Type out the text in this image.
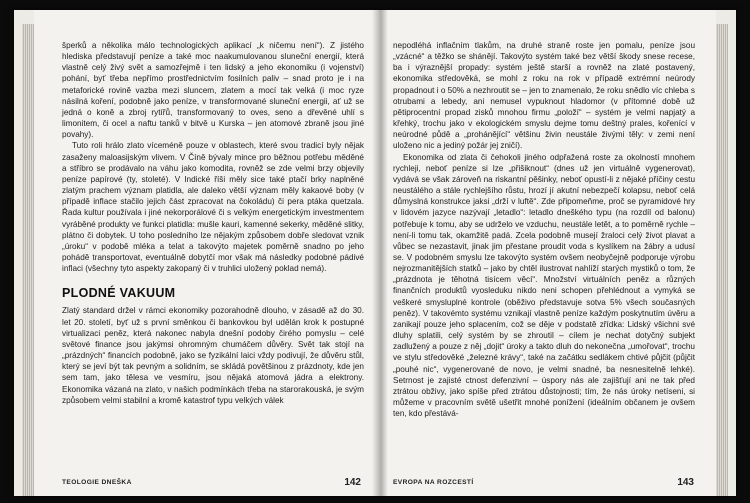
šperků a několika málo technologických aplikací „k ničemu není“). Z jistého hlediska představují peníze a také moc naakumulovanou sluneční energií, která vlastně celý živý svět a samozřejmě i ten lidský a jeho ekonomiku (i vojenství) pohání, byť třeba nepřímo prostřednictvím fosilních paliv – snad proto je i na metaforické rovině vazba mezi sluncem, zlatem a mocí tak velká (i moc ryze násilná koření, podobně jako peníze, v transformované sluneční energii, ať už se jedná o koně a zbroj rytířů, transformovaný to oves, seno a dřevěné uhlí s limonitem, či ocel a naftu tanků v bitvě u Kurska – jen atomové zbraně jsou jiné povahy).

Tuto roli hrálo zlato víceméně pouze v oblastech, které svou tradicí byly nějak zasaženy maloasijským vlivem. V Číně bývaly mince pro běžnou potřebu měděné a stříbro se prodávalo na váhu jako komodita, rovněž se zde velmi brzy objevily peníze papírové (ty, stoleté). V Indické říši měly sice také ptačí brky naplněné zlatým prachem význam platidla, ale daleko větší význam měly kakaové boby (v případě inflace stačilo jejich část zpracovat na čokoládu) či pera ptáka quetzala. Řada kultur používala i jiné nekorporálové či s velkým energetickým investmentem vyráběné produkty ve funkci platidla: mušle kauri, kamenné sekerky, měděné slitky, plátno či dobytek. U toho posledního lze nějakým způsobem dobře sledovat vznik „úroku“ v podobě mléka a telat a takovýto majetek poměrně snadno po jeho pohádě transportovat, eventuálně dobytčí mor však má následky podobné pádivé inflaci (všechny tyto aspekty zakopaný či v truhlici uložený poklad nemá).

PLODNÉ VAKUUM

Zlatý standard držel v rámci ekonomiky pozorahodně dlouho, v zásadě až do 30. let 20. století, byť už s první směnkou či bankovkou byl udělán krok k postupné virtualizaci peněz, která nakonec nabyla dnešní podoby čirého pomyslu – celé světové finance jsou jakýmsi ohromným chumáčem důvěry. Svět tak stojí na „prázdných“ financích podobně, jako se fyzikální laici vždy podivují, že důvěru stůl, který se jeví být tak pevným a solidním, se skládá povětšinou z prázdnoty, kde jen sem tam, jako tělesa ve vesmíru, jsou nějaká atomová jádra a elektrony. Ekonomika vázaná na zlato, v našich podmínkách třeba na starorakouská, je svým způsobem velmi stabilní a kromě katastrof typu velkých válek

TEOLOGIE DNEŠKA	142

nepodléhá inflačním tlakům, na druhé straně roste jen pomalu, peníze jsou „vzácné“ a těžko se shánějí. Takovýto systém také bez větší škody snese recese, ba i výraznější propady: systém ještě starší a rovněž na zlaté postavený, ekonomika středověká, se mohl z roku na rok v případě extrémní neúrody propadnout i o 50% a nezhroutit se – jen to znamenalo, že roku snědlo víc chleba s otrubami a lebedy, ani nemusel vypuknout hladomor (v přítomné době už pětiprocentní propad zisků mnohou firmu „položí“ – systém je velmi napjatý a křehký, trochu jako v ekologickém smyslu dejme tomu deštný prales, kořenící v neúrodné půdě a „prohánějící“ většinu živin neustále živými těly: v zemi není uloženo nic a jediný požár jej zničí).

Ekonomika od zlata či čehokoli jiného odpřažená roste za okolností mnohem rychleji, neboť peníze si lze „přišiknout“ (dnes už jen virtuálně vygenerovat), vydává se však zároveň na riskantní pěšinky, neboť opustí-li z nějaké příčiny cestu neustálého a stále rychlejšího růstu, hrozí jí akutní nebezpečí kolapsu, neboť celá důmyslná konstrukce jaksi „drží v luftě“. Zde připomeňme, proč se pyramidové hry v lidovém jazyce nazývají „letadlo“: letadlo dneškého typu (na rozdíl od balonu) potřebuje k tomu, aby se udrželo ve vzduchu, neustále letět, a to poměrně rychle – není-li tomu tak, okamžitě padá. Zcela podobně musejí žraloci celý život plavat a vůbec se nezastavit, jinak jim přestane proudit voda s kyslíkem na žábry a udusí se. V podobném smyslu lze takovýto systém ovšem neobyčejně podporuje výrobu nejrozmanitějších statků – jako by chtěl ilustrovat nahlíží starých mystiků o tom, že „prázdnota je těhotná tisícem věcí“. Množství virtuálních peněz a různých finančních produktů vyosleduku nikdo neni schopen přehlédnout a vymyká se veškeré smysluplné kontrole (oběživo představuje sotva 5% všech současných peněz). V takovémto systému vznikají vlastně peníze každým poskytnutím úvěru a zanikají pouze jeho splacením, což se děje v podstatě zřídka: Lidský všichni své dluhy splatili, celý systém by se zhroutil – cílem je nechat dotyčný subjekt zadlužený a pouze z něj „dojit“ úroky a takto dluh do nekonečna „umořovat“, trochu ve stylu středověké „železné krávy“, také na začátku sedlákem chtivé půjčit (půjčit „pouhé nic“, vygenerované de novo, je velmi snadné, ba nesnesitelně lehké). Setrnost je zajisté ctnost defenzivní – úspory nás ale zajišťují ani ne tak před ztrátou obživy, jako spíše před ztrátou důstojnosti; tím, že nás úroky netíseni, si můžeme v pracovním světě ušetřit mnohé ponížení (ideálním občanem je ovšem ten, kdo přestává-

EVROPA NA ROZCESTÍ	143
